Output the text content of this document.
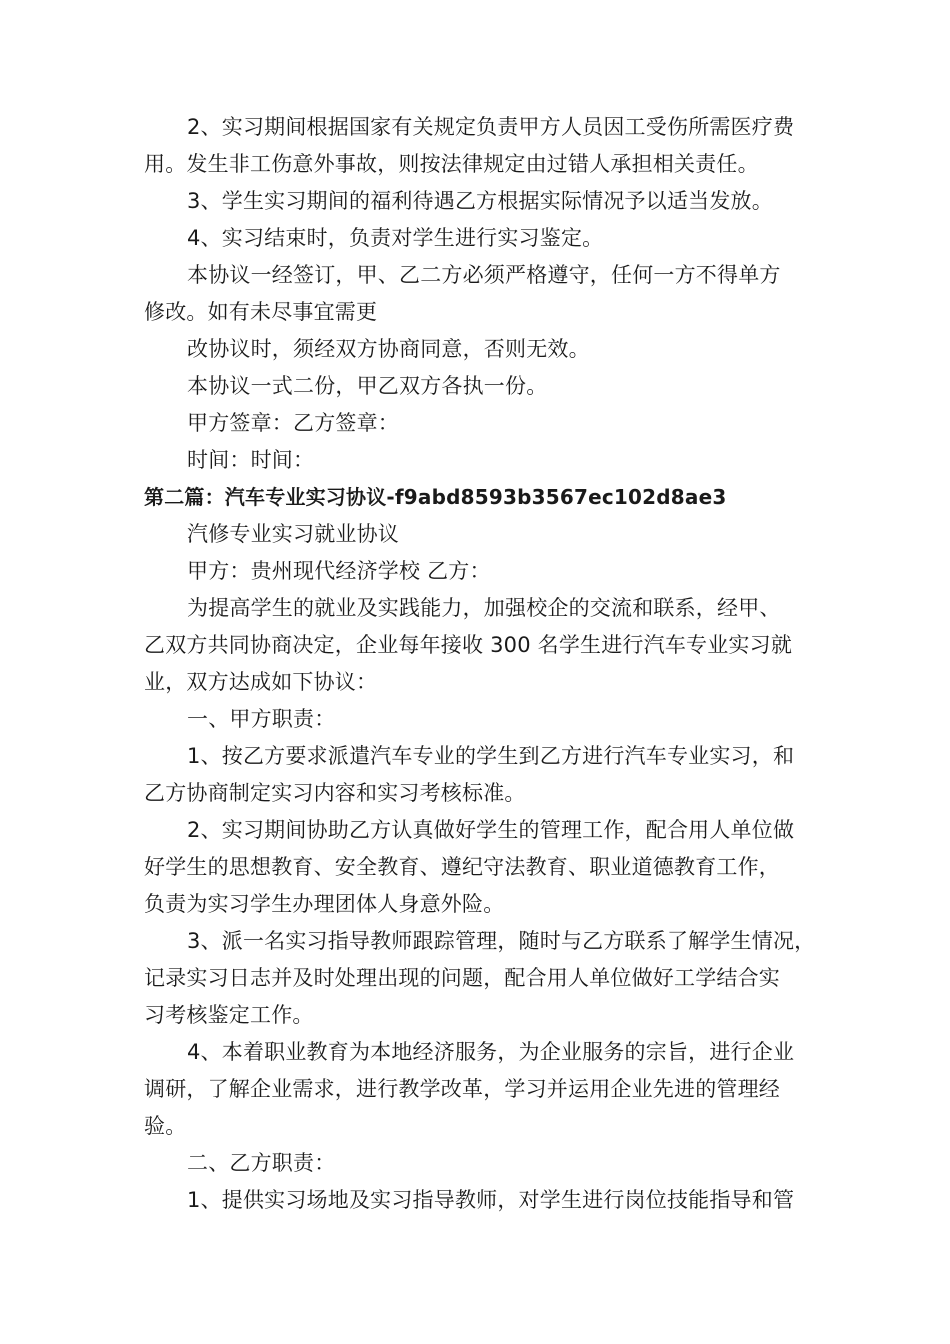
2、实习期间根据国家有关规定负责甲方人员因工受伤所需医疗费
用。发生非工伤意外事故，则按法律规定由过错人承担相关责任。
3、学生实习期间的福利待遇乙方根据实际情况予以适当发放。
4、实习结束时，负责对学生进行实习鉴定。
本协议一经签订，甲、乙二方必须严格遵守，任何一方不得单方
修改。如有未尽事宜需更
改协议时，须经双方协商同意，否则无效。
本协议一式二份，甲乙双方各执一份。
甲方签章：乙方签章：
时间：时间：
第二篇：汽车专业实习协议-f9abd8593b3567ec102d8ae3
汽修专业实习就业协议
甲方：贵州现代经济学校 乙方：
为提高学生的就业及实践能力，加强校企的交流和联系，经甲、
乙双方共同协商决定，企业每年接收 300 名学生进行汽车专业实习就
业，双方达成如下协议：
一、甲方职责：
1、按乙方要求派遣汽车专业的学生到乙方进行汽车专业实习，和
乙方协商制定实习内容和实习考核标准。
2、实习期间协助乙方认真做好学生的管理工作，配合用人单位做
好学生的思想教育、安全教育、遵纪守法教育、职业道德教育工作，
负责为实习学生办理团体人身意外险。
3、派一名实习指导教师跟踪管理，随时与乙方联系了解学生情况，
记录实习日志并及时处理出现的问题，配合用人单位做好工学结合实
习考核鉴定工作。
4、本着职业教育为本地经济服务，为企业服务的宗旨，进行企业
调研，了解企业需求，进行教学改革，学习并运用企业先进的管理经
验。
二、乙方职责：
1、提供实习场地及实习指导教师，对学生进行岗位技能指导和管
